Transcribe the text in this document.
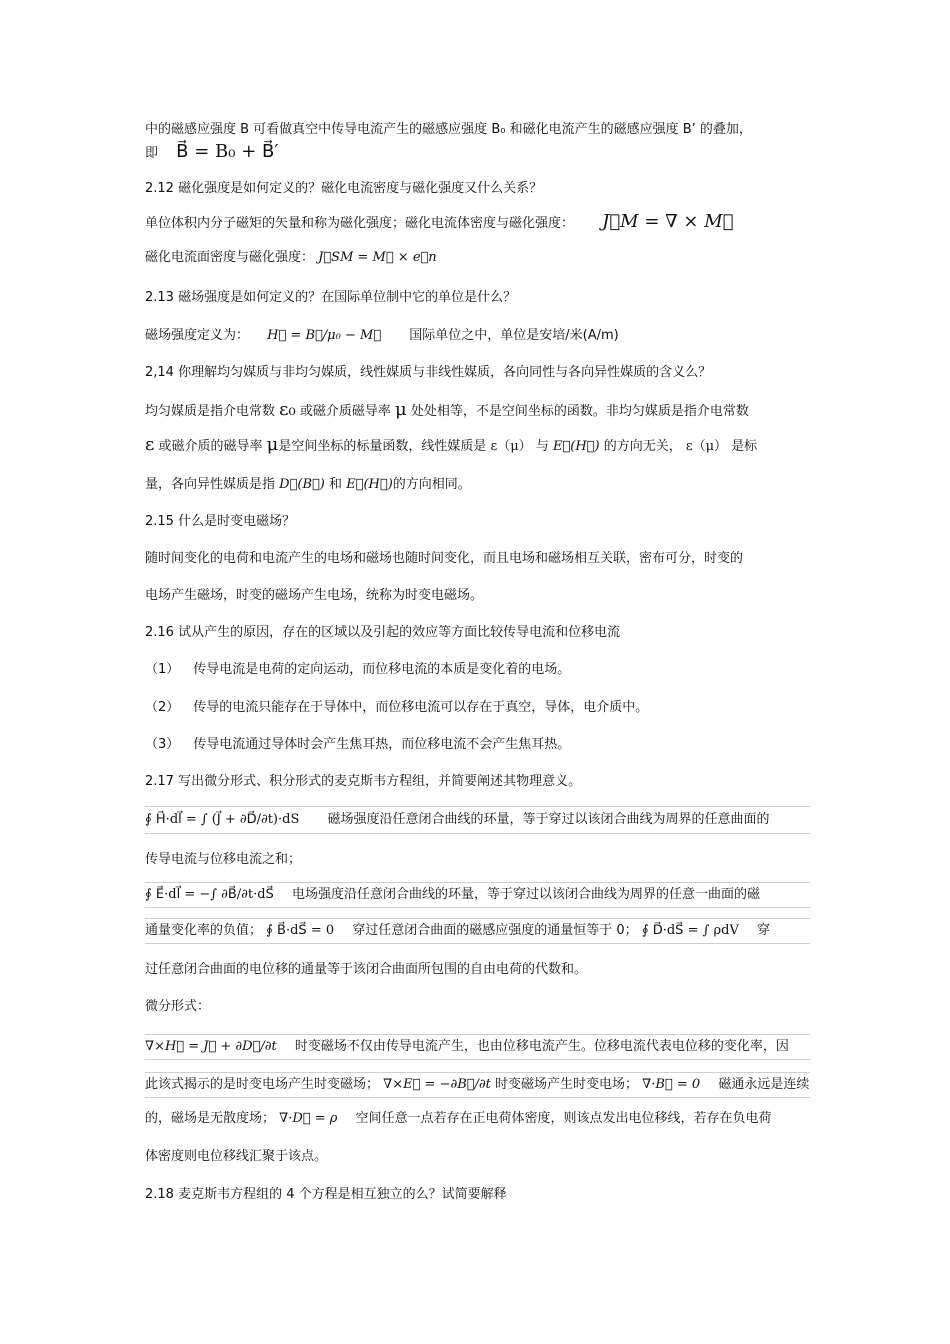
中的磁感应强度 B 可看做真空中传导电流产生的磁感应强度 B₀ 和磁化电流产生的磁感应强度 B’ 的叠加，
即 B⃗ = B₀ + B⃗′
2.12 磁化强度是如何定义的？磁化电流密度与磁化强度又什么关系？
单位体积内分子磁矩的矢量和称为磁化强度；磁化电流体密度与磁化强度： J⃗M = ∇ × M⃗
磁化电流面密度与磁化强度： J⃗SM = M⃗ × e⃗n
2.13 磁场强度是如何定义的？在国际单位制中它的单位是什么？
磁场强度定义为： H⃗ = B⃗/μ₀ − M⃗ 国际单位之中，单位是安培/米(A/m)
2,14 你理解均匀媒质与非均匀媒质，线性媒质与非线性媒质，各向同性与各向异性媒质的含义么？
均匀媒质是指介电常数 ε₀ 或磁介质磁导率 μ 处处相等，不是空间坐标的函数。非均匀媒质是指介电常数
ε 或磁介质的磁导率 μ是空间坐标的标量函数，线性媒质是 ε（μ） 与 E⃗(H⃗) 的方向无关， ε（μ） 是标
量，各向异性媒质是指 D⃗(B⃗) 和 E⃗(H⃗)的方向相同。
2.15 什么是时变电磁场？
随时间变化的电荷和电流产生的电场和磁场也随时间变化，而且电场和磁场相互关联，密布可分，时变的
电场产生磁场，时变的磁场产生电场，统称为时变电磁场。
2.16 试从产生的原因，存在的区域以及引起的效应等方面比较传导电流和位移电流
（1） 传导电流是电荷的定向运动，而位移电流的本质是变化着的电场。
（2） 传导的电流只能存在于导体中，而位移电流可以存在于真空，导体，电介质中。
（3） 传导电流通过导体时会产生焦耳热，而位移电流不会产生焦耳热。
2.17 写出微分形式、积分形式的麦克斯韦方程组，并简要阐述其物理意义。
∮ H⃗·dl⃗ = ∫ (J⃗ + ∂D⃗/∂t)·dS 磁场强度沿任意闭合曲线的环量，等于穿过以该闭合曲线为周界的任意曲面的
传导电流与位移电流之和；
∮ E⃗·dl⃗ = −∫ ∂B⃗/∂t·dS⃗ 电场强度沿任意闭合曲线的环量，等于穿过以该闭合曲线为周界的任意一曲面的磁
通量变化率的负值； ∮ B⃗·dS⃗ = 0 穿过任意闭合曲面的磁感应强度的通量恒等于 0； ∮ D⃗·dS⃗ = ∫ ρdV 穿
过任意闭合曲面的电位移的通量等于该闭合曲面所包围的自由电荷的代数和。
微分形式：
∇×H⃗ = J⃗ + ∂D⃗/∂t 时变磁场不仅由传导电流产生，也由位移电流产生。位移电流代表电位移的变化率，因
此该式揭示的是时变电场产生时变磁场； ∇×E⃗ = −∂B⃗/∂t 时变磁场产生时变电场； ∇·B⃗ = 0 磁通永远是连续
的，磁场是无散度场； ∇·D⃗ = ρ 空间任意一点若存在正电荷体密度，则该点发出电位移线，若存在负电荷
体密度则电位移线汇聚于该点。
2.18 麦克斯韦方程组的 4 个方程是相互独立的么？试简要解释
